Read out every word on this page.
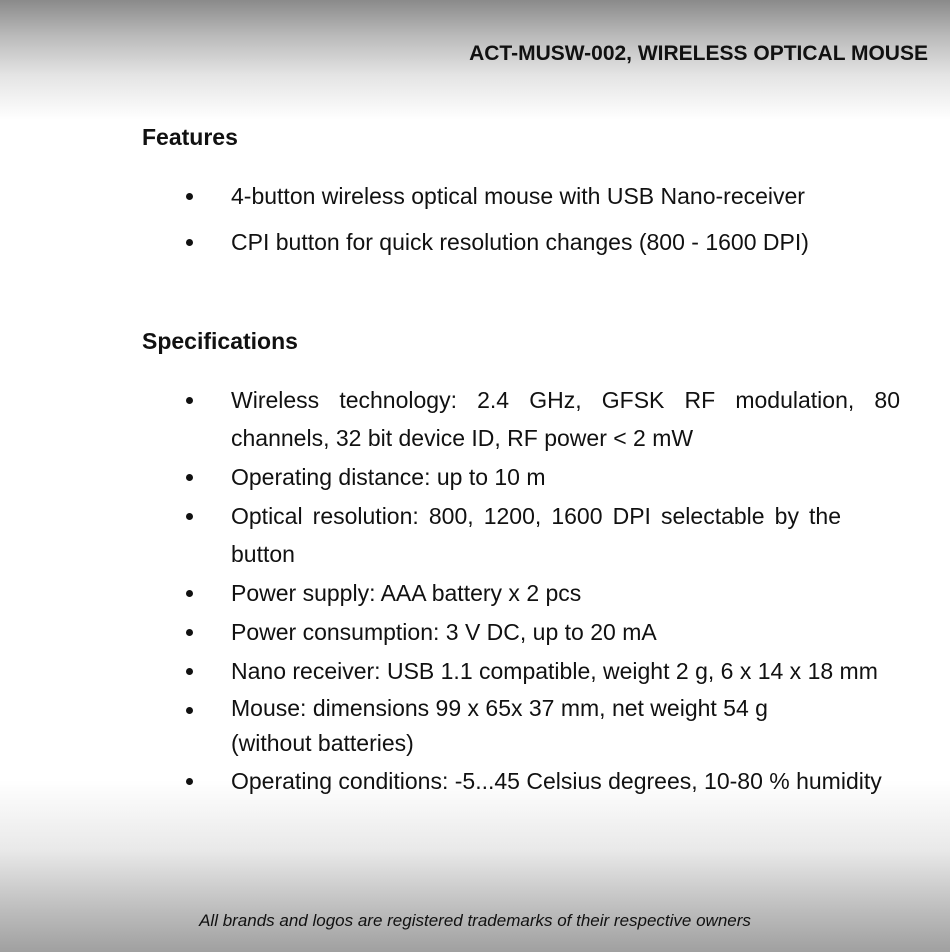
ACT-MUSW-002, WIRELESS OPTICAL MOUSE
Features
4-button wireless optical mouse with USB Nano-receiver
CPI button for quick resolution changes (800 - 1600 DPI)
Specifications
Wireless technology: 2.4 GHz, GFSK RF modulation, 80 channels, 32 bit device ID, RF power < 2 mW
Operating distance: up to 10 m
Optical resolution: 800, 1200, 1600 DPI selectable by the button
Power supply: AAA battery x 2 pcs
Power consumption: 3 V DC, up to 20 mA
Nano receiver: USB 1.1 compatible, weight 2 g, 6 x 14 x 18 mm
Mouse: dimensions 99 x 65x 37 mm, net weight 54 g (without batteries)
Operating conditions: -5...45 Celsius degrees, 10-80 % humidity
All brands and logos are registered trademarks of their respective owners
